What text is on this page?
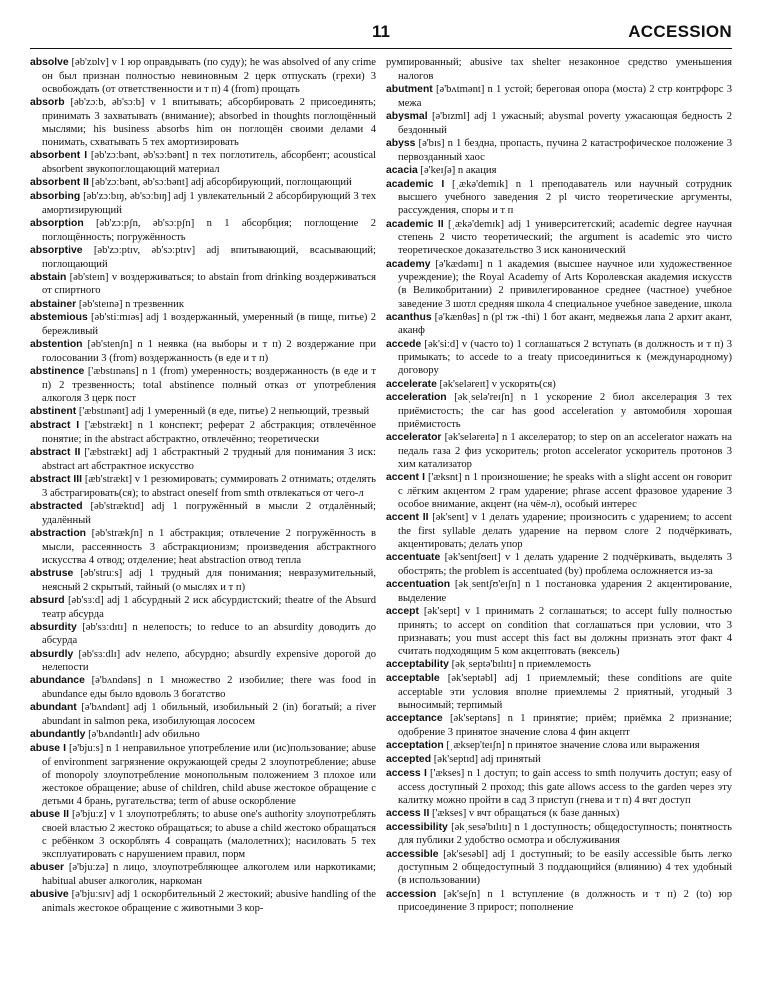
11	ACCESSION

absolve [əb'zɒlv] v 1 юр оправдывать (по суду); he was absolved of any crime он был признан полностью невиновным 2 церк отпускать (грехи) 3 освобождать (от ответственности и т п) 4 (from) прощать

absorb [əb'zɔːb, əb'sɔːb] v 1 впитывать; абсорбировать 2 присоединять; принимать 3 захватывать (внимание); absorbed in thoughts поглощённый мыслями; his business absorbs him он поглощён своими делами 4 понимать, схватывать 5 тех амортизировать

absorbent I [əb'zɔːbənt, əb'sɔːbənt] n тех поглотитель, абсорбент; acoustical absorbent звукопоглощающий материал

absorbent II [əb'zɔːbənt, əb'sɔːbənt] adj абсорбирующий, поглощающий

absorbing [əb'zɔːbɪŋ, əb'sɔːbɪŋ] adj 1 увлекательный 2 абсорбирующий 3 тех амортизирующий

absorption [əb'zɔːpʃn, əb'sɔːpʃn] n 1 абсорбция; поглощение 2 поглощённость; погружённость

absorptive [əb'zɔːptɪv, əb'sɔːptɪv] adj впитывающий, всасывающий; поглощающий

abstain [əb'steɪn] v воздерживаться; to abstain from drinking воздерживаться от спиртного

abstainer [əb'steɪnə] n трезвенник

abstemious [əb'stiːmɪəs] adj 1 воздержанный, умеренный (в пище, питье) 2 бережливый

abstention [əb'stenʃn] n 1 неявка (на выборы и т п) 2 воздержание при голосовании 3 (from) воздержанность (в еде и т п)

abstinence ['æbstɪnəns] n 1 (from) умеренность; воздержанность (в еде и т п) 2 трезвенность; total abstinence полный отказ от употребления алкоголя 3 церк пост

abstinent ['æbstɪnənt] adj 1 умеренный (в еде, питье) 2 непьющий, трезвый

abstract I ['æbstrækt] n 1 конспект; реферат 2 абстракция; отвлечённое понятие; in the abstract абстрактно, отвлечённо; теоретически

abstract II ['æbstrækt] adj 1 абстрактный 2 трудный для понимания 3 иск: abstract art абстрактное искусство

abstract III [æb'strækt] v 1 резюмировать; суммировать 2 отнимать; отделять 3 абстрагировать(ся); to abstract oneself from smth отвлекаться от чего-л

abstracted [əb'stræktɪd] adj 1 погружённый в мысли 2 отдалённый; удалённый

abstraction [əb'strækʃn] n 1 абстракция; отвлечение 2 погружённость в мысли, рассеянность 3 абстракционизм; произведения абстрактного искусства 4 отвод; отделение; heat abstraction отвод тепла

abstruse [əb'struːs] adj 1 трудный для понимания; невразумительный, неясный 2 скрытый, тайный (о мыслях и т п)

absurd [əb'sɜːd] adj 1 абсурдный 2 иск абсурдистский; theatre of the Absurd театр абсурда

absurdity [əb'sɜːdɪtɪ] n нелепость; to reduce to an absurdity доводить до абсурда

absurdly [əb'sɜːdlɪ] adv нелепо, абсурдно; absurdly expensive дорогой до нелепости

abundance [ə'bʌndəns] n 1 множество 2 изобилие; there was food in abundance еды было вдоволь 3 богатство

abundant [ə'bʌndənt] adj 1 обильный, изобильный 2 (in) богатый; a river abundant in salmon река, изобилующая лососем

abundantly [ə'bʌndəntlɪ] adv обильно

abuse I [ə'bjuːs] n 1 неправильное употребление или (ис)пользование; abuse of environment загрязнение окружающей среды 2 злоупотребление; abuse of monopoly злоупотребление монопольным положением 3 плохое или жестокое обращение; abuse of children, child abuse жестокое обращение с детьми 4 брань, ругательства; term of abuse оскорбление

abuse II [ə'bjuːz] v 1 злоупотреблять; to abuse one's authority злоупотреблять своей властью 2 жестоко обращаться; to abuse a child жестоко обращаться с ребёнком 3 оскорблять 4 совращать (малолетних); насиловать 5 тех эксплуатировать с нарушением правил, порм

abuser [ə'bjuːzə] n лицо, злоупотребляющее алкоголем или наркотиками; habitual abuser алкоголик, наркоман

abusive [ə'bjuːsɪv] adj 1 оскорбительный 2 жестокий; abusive handling of the animals жестокое обращение с животными 3 кор-

румпированный; abusive tax shelter незаконное средство уменьшения налогов

abutment [ə'bʌtmənt] n 1 устой; береговая опора (моста) 2 стр контрфорс 3 межа

abysmal [ə'bɪzml] adj 1 ужасный; abysmal poverty ужасающая бедность 2 бездонный

abyss [ə'bɪs] n 1 бездна, пропасть, пучина 2 катастрофическое положение 3 первозданный хаос

acacia [ə'keɪʃə] n акация

academic I [ˌækə'demɪk] n 1 преподаватель или научный сотрудник высшего учебного заведения 2 pl чисто теоретические аргументы, рассуждения, споры и т п

academic II [ˌækə'demɪk] adj 1 университетский; academic degree научная степень 2 чисто теоретический; the argument is academic это чисто теоретическое доказательство 3 иск канонический

academy [ə'kædəmɪ] n 1 академия (высшее научное или художественное учреждение); the Royal Academy of Arts Королевская академия искусств (в Великобритании) 2 привилегированное среднее (частное) учебное заведение 3 шотл средняя школа 4 специальное учебное заведение, школа

acanthus [ə'kænθəs] n (pl тж -thi) 1 бот акант, медвежья лапа 2 архит акант, аканф

accede [ək'siːd] v (часто to) 1 соглашаться 2 вступать (в должность и т п) 3 примыкать; to accede to a treaty присоединиться к (международному) договору

accelerate [ək'seləreɪt] v ускорять(ся)

acceleration [əkˌselə'reɪʃn] n 1 ускорение 2 биол акселерация 3 тех приёмистость; the car has good acceleration у автомобиля хорошая приёмистость

accelerator [ək'seləreɪtə] n 1 акселератор; to step on an accelerator нажать на педаль газа 2 физ ускоритель; proton accelerator ускоритель протонов 3 хим катализатор

accent I ['æksnt] n 1 произношение; he speaks with a slight accent он говорит с лёгким акцентом 2 грам ударение; phrase accent фразовое ударение 3 особое внимание, акцент (на чём-л), особый интерес

accent II [ək'sent] v 1 делать ударение; произносить с ударением; to accent the first syllable делать ударение на первом слоге 2 подчёркивать, акцентировать; делать упор

accentuate [ək'sentʃʊeɪt] v 1 делать ударение 2 подчёркивать, выделять 3 обострять; the problem is accentuated (by) проблема осложняется из-за

accentuation [əkˌsentʃʊ'eɪʃn] n 1 постановка ударения 2 акцентирование, выделение

accept [ək'sept] v 1 принимать 2 соглашаться; to accept fully полностью принять; to accept on condition that соглашаться при условии, что 3 признавать; you must accept this fact вы должны признать этот факт 4 считать подходящим 5 ком акцептовать (вексель)

acceptability [əkˌseptə'bɪlɪtɪ] n приемлемость

acceptable [ək'septəbl] adj 1 приемлемый; these conditions are quite acceptable эти условия вполне приемлемы 2 приятный, угодный 3 выносимый; терпимый

acceptance [ək'septəns] n 1 принятие; приём; приёмка 2 признание; одобрение 3 принятое значение слова 4 фин акцепт

acceptation [ˌæksep'teɪʃn] n принятое значение слова или выражения

accepted [ək'septɪd] adj принятый

access I ['ækses] n 1 доступ; to gain access to smth получить доступ; easy of access доступный 2 проход; this gate allows access to the garden через эту калитку можно пройти в сад 3 приступ (гнева и т п) 4 вчт доступ

access II ['ækses] v вчт обращаться (к базе данных)

accessibility [əkˌsesə'bɪlɪtɪ] n 1 доступность; общедоступность; понятность для публики 2 удобство осмотра и обслуживания

accessible [ək'sesəbl] adj 1 доступный; to be easily accessible быть легко доступным 2 общедоступный 3 поддающийся (влиянию) 4 тех удобный (в использовании)

accession [ək'seʃn] n 1 вступление (в должность и т п) 2 (to) юр присоединение 3 прирост; пополнение
